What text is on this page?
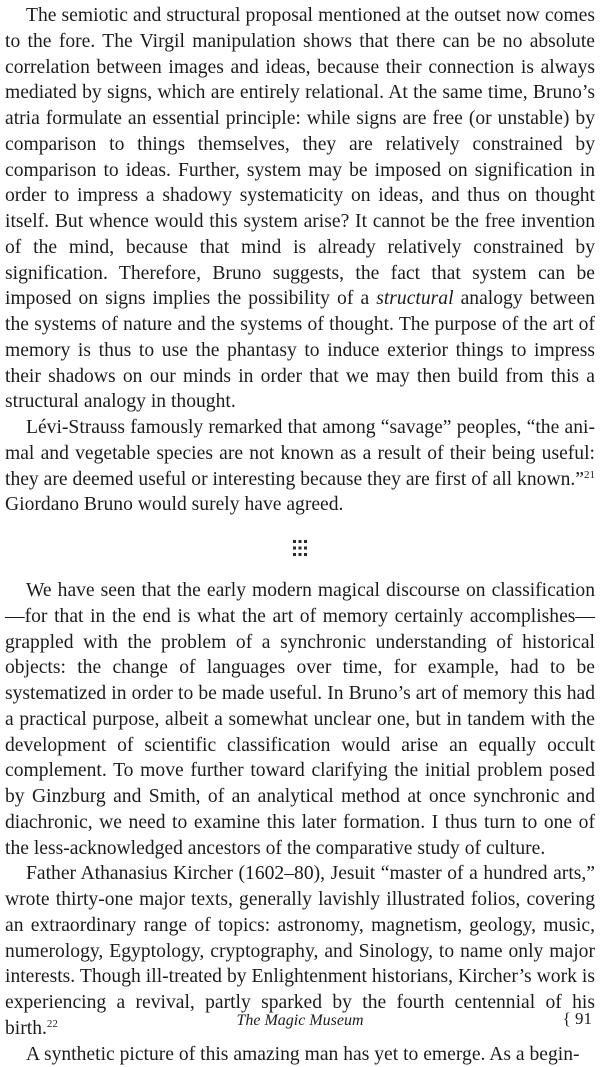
The semiotic and structural proposal mentioned at the outset now comes to the fore. The Virgil manipulation shows that there can be no absolute correlation between images and ideas, because their connection is always mediated by signs, which are entirely relational. At the same time, Bruno’s atria formulate an essential principle: while signs are free (or unstable) by comparison to things themselves, they are relatively constrained by comparison to ideas. Further, system may be imposed on signification in order to impress a shadowy systematicity on ideas, and thus on thought itself. But whence would this system arise? It cannot be the free invention of the mind, because that mind is already relatively constrained by signification. Therefore, Bruno suggests, the fact that system can be imposed on signs implies the possibility of a structural analogy between the systems of nature and the systems of thought. The purpose of the art of memory is thus to use the phantasy to induce exterior things to impress their shadows on our minds in order that we may then build from this a structural analogy in thought.

Lévi-Strauss famously remarked that among “savage” peoples, “the animal and vegetable species are not known as a result of their being useful: they are deemed useful or interesting because they are first of all known.”$^{21}$ Giordano Bruno would surely have agreed.

We have seen that the early modern magical discourse on classification—for that in the end is what the art of memory certainly accomplishes—grappled with the problem of a synchronic understanding of historical objects: the change of languages over time, for example, had to be systematized in order to be made useful. In Bruno’s art of memory this had a practical purpose, albeit a somewhat unclear one, but in tandem with the development of scientific classification would arise an equally occult complement. To move further toward clarifying the initial problem posed by Ginzburg and Smith, of an analytical method at once synchronic and diachronic, we need to examine this later formation. I thus turn to one of the less-acknowledged ancestors of the comparative study of culture.

Father Athanasius Kircher (1602–80), Jesuit “master of a hundred arts,” wrote thirty-one major texts, generally lavishly illustrated folios, covering an extraordinary range of topics: astronomy, magnetism, geology, music, numerology, Egyptology, cryptography, and Sinology, to name only major interests. Though ill-treated by Enlightenment historians, Kircher’s work is experiencing a revival, partly sparked by the fourth centennial of his birth.$^{22}$

A synthetic picture of this amazing man has yet to emerge. As a begin-

The Magic Museum	{ 91
